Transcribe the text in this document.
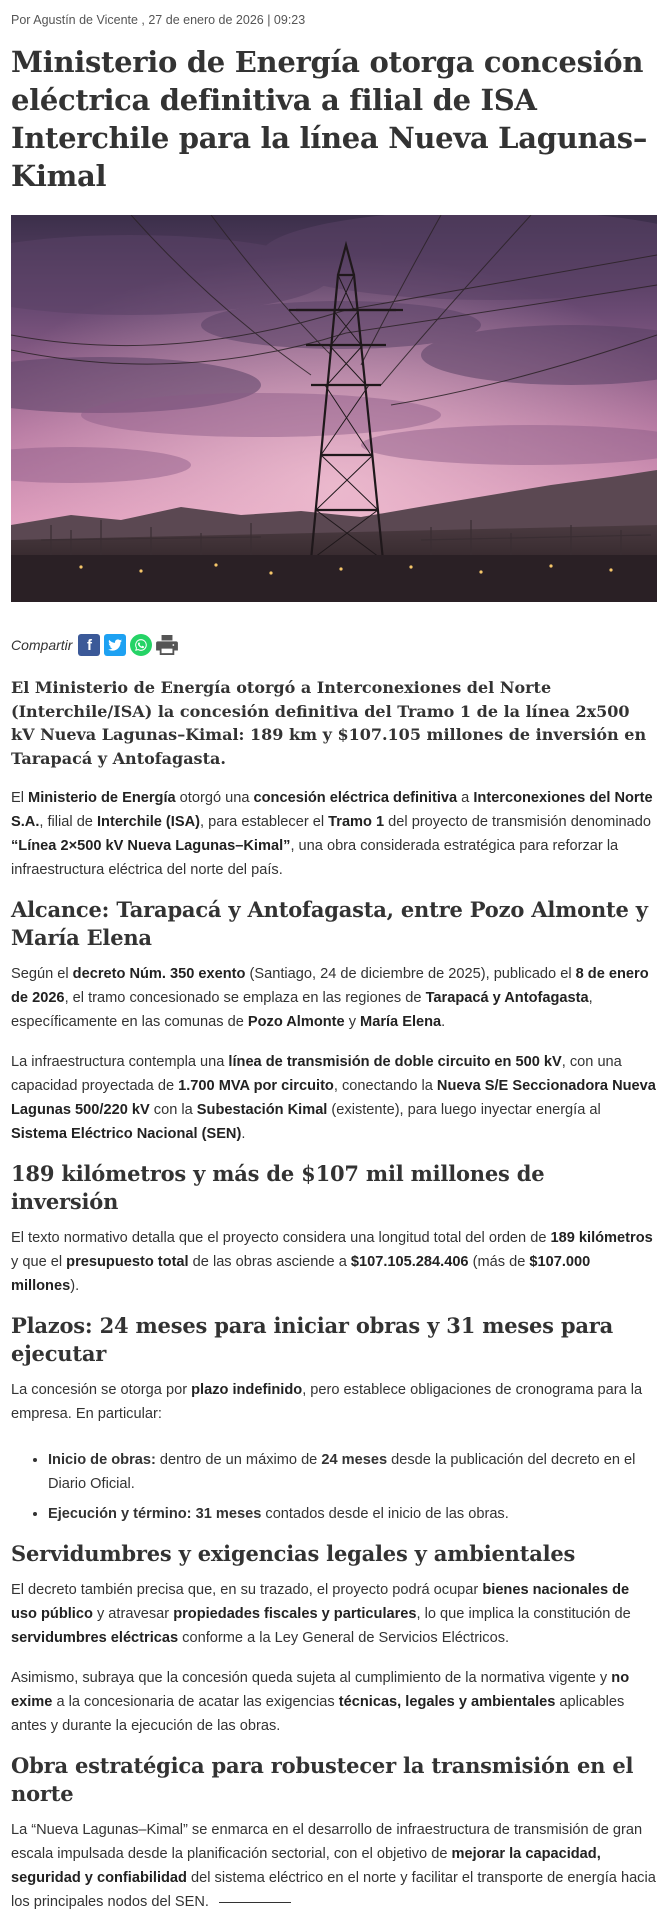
Por Agustín de Vicente , 27 de enero de 2026 | 09:23
Ministerio de Energía otorga concesión eléctrica definitiva a filial de ISA Interchile para la línea Nueva Lagunas–Kimal
Compartir f

El Ministerio de Energía otorgó a Interconexiones del Norte (Interchile/ISA) la concesión definitiva del Tramo 1 de la línea 2x500 kV Nueva Lagunas–Kimal: 189 km y $107.105 millones de inversión en Tarapacá y Antofagasta.

El Ministerio de Energía otorgó una concesión eléctrica definitiva a Interconexiones del Norte S.A., filial de Interchile (ISA), para establecer el Tramo 1 del proyecto de transmisión denominado “Línea 2×500 kV Nueva Lagunas–Kimal”, una obra considerada estratégica para reforzar la infraestructura eléctrica del norte del país.

Alcance: Tarapacá y Antofagasta, entre Pozo Almonte y María Elena

Según el decreto Núm. 350 exento (Santiago, 24 de diciembre de 2025), publicado el 8 de enero de 2026, el tramo concesionado se emplaza en las regiones de Tarapacá y Antofagasta, específicamente en las comunas de Pozo Almonte y María Elena.

La infraestructura contempla una línea de transmisión de doble circuito en 500 kV, con una capacidad proyectada de 1.700 MVA por circuito, conectando la Nueva S/E Seccionadora Nueva Lagunas 500/220 kV con la Subestación Kimal (existente), para luego inyectar energía al Sistema Eléctrico Nacional (SEN).

189 kilómetros y más de $107 mil millones de inversión

El texto normativo detalla que el proyecto considera una longitud total del orden de 189 kilómetros y que el presupuesto total de las obras asciende a $107.105.284.406 (más de $107.000 millones).

Plazos: 24 meses para iniciar obras y 31 meses para ejecutar

La concesión se otorga por plazo indefinido, pero establece obligaciones de cronograma para la empresa. En particular:

• Inicio de obras: dentro de un máximo de 24 meses desde la publicación del decreto en el Diario Oficial.
• Ejecución y término: 31 meses contados desde el inicio de las obras.
Servidumbres y exigencias legales y ambientales

El decreto también precisa que, en su trazado, el proyecto podrá ocupar bienes nacionales de uso público y atravesar propiedades fiscales y particulares, lo que implica la constitución de servidumbres eléctricas conforme a la Ley General de Servicios Eléctricos.

Asimismo, subraya que la concesión queda sujeta al cumplimiento de la normativa vigente y no exime a la concesionaria de acatar las exigencias técnicas, legales y ambientales aplicables antes y durante la ejecución de las obras.

Obra estratégica para robustecer la transmisión en el norte

La “Nueva Lagunas–Kimal” se enmarca en el desarrollo de infraestructura de transmisión de gran escala impulsada desde la planificación sectorial, con el objetivo de mejorar la capacidad, seguridad y confiabilidad del sistema eléctrico en el norte y facilitar el transporte de energía hacia los principales nodos del SEN.
